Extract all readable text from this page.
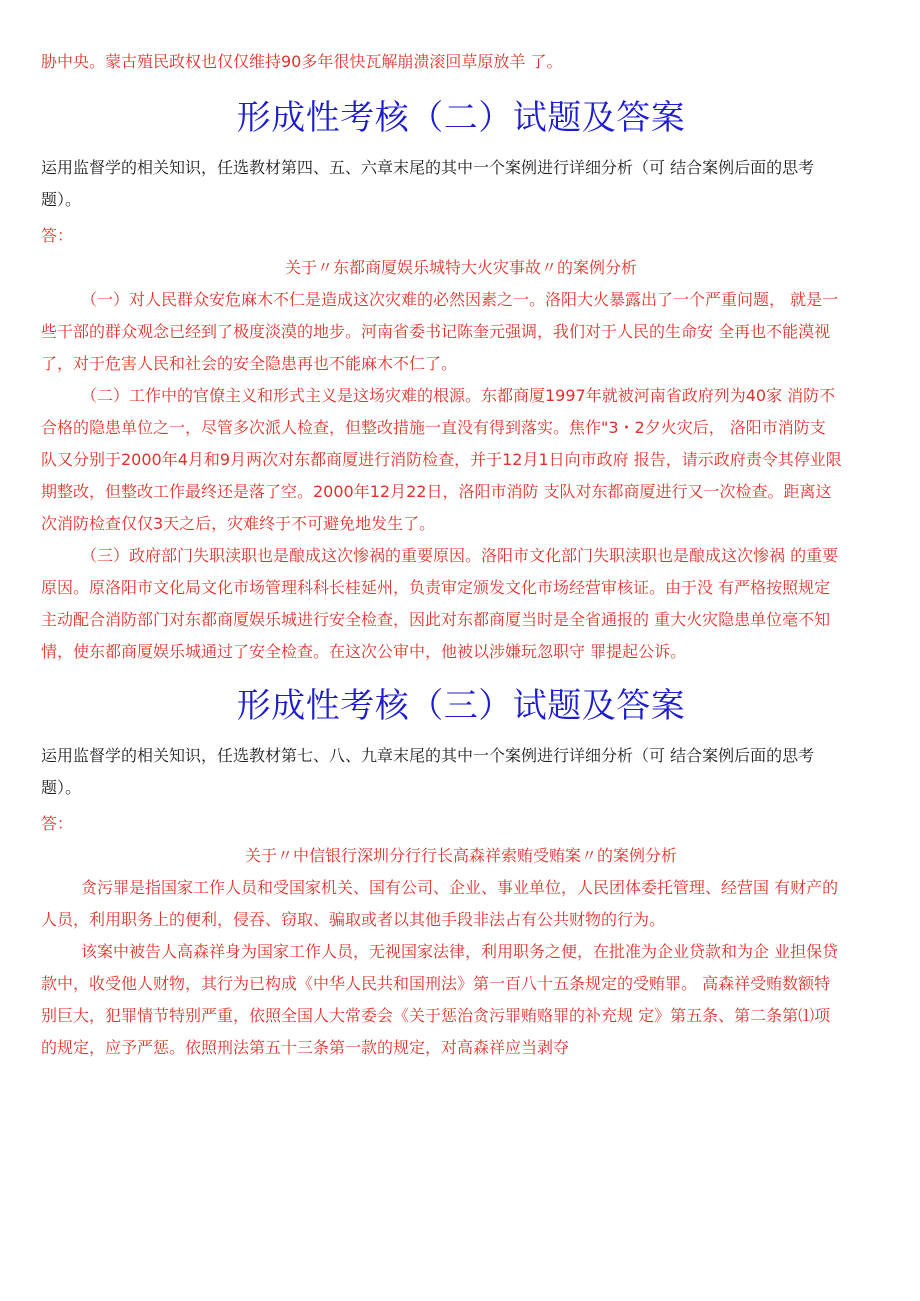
胁中央。蒙古殖民政权也仅仅维持90多年很快瓦解崩溃滚回草原放羊 了。
形成性考核（二）试题及答案
运用监督学的相关知识，任选教材第四、五、六章末尾的其中一个案例进行详细分析（可 结合案例后面的思考
题）。
答：
关于〃东都商厦娱乐城特大火灾事故〃的案例分析
（一）对人民群众安危麻木不仁是造成这次灾难的必然因素之一。洛阳大火暴露出了一个严重问题， 就是一
些干部的群众观念已经到了极度淡漠的地步。河南省委书记陈奎元强调，我们对于人民的生命安 全再也不能漠视
了，对于危害人民和社会的安全隐患再也不能麻木不仁了。
（二）工作中的官僚主义和形式主义是这场灾难的根源。东都商厦1997年就被河南省政府列为40家 消防不
合格的隐患单位之一，尽管多次派人检查，但整改措施一直没有得到落实。焦作"3・2夕火灾后， 洛阳市消防支
队又分别于2000年4月和9月两次对东都商厦进行消防检查，并于12月1日向市政府 报告，请示政府责令其停业限
期整改，但整改工作最终还是落了空。2000年12月22日，洛阳市消防 支队对东都商厦进行又一次检查。距离这
次消防检查仅仅3天之后，灾难终于不可避免地发生了。
（三）政府部门失职渎职也是酿成这次惨祸的重要原因。洛阳市文化部门失职渎职也是酿成这次惨祸 的重要
原因。原洛阳市文化局文化市场管理科科长桂延州，负责审定颁发文化市场经营审核证。由于没 有严格按照规定
主动配合消防部门对东都商厦娱乐城进行安全检查，因此对东都商厦当时是全省通报的 重大火灾隐患单位毫不知
情，使东都商厦娱乐城通过了安全检查。在这次公审中，他被以涉嫌玩忽职守 罪提起公诉。
形成性考核（三）试题及答案
运用监督学的相关知识，任选教材第七、八、九章末尾的其中一个案例进行详细分析（可 结合案例后面的思考
题）。
答：
关于〃中信银行深圳分行行长高森祥索贿受贿案〃的案例分析
贪污罪是指国家工作人员和受国家机关、国有公司、企业、事业单位，人民团体委托管理、经营国 有财产的
人员，利用职务上的便利，侵吞、窃取、骗取或者以其他手段非法占有公共财物的行为。
该案中被告人高森祥身为国家工作人员，无视国家法律，利用职务之便，在批准为企业贷款和为企 业担保贷
款中，收受他人财物，其行为已构成《中华人民共和国刑法》第一百八十五条规定的受贿罪。 高森祥受贿数额特
别巨大，犯罪情节特别严重，依照全国人大常委会《关于惩治贪污罪贿赂罪的补充规 定》第五条、第二条第⑴项
的规定，应予严惩。依照刑法第五十三条第一款的规定，对高森祥应当剥夺
